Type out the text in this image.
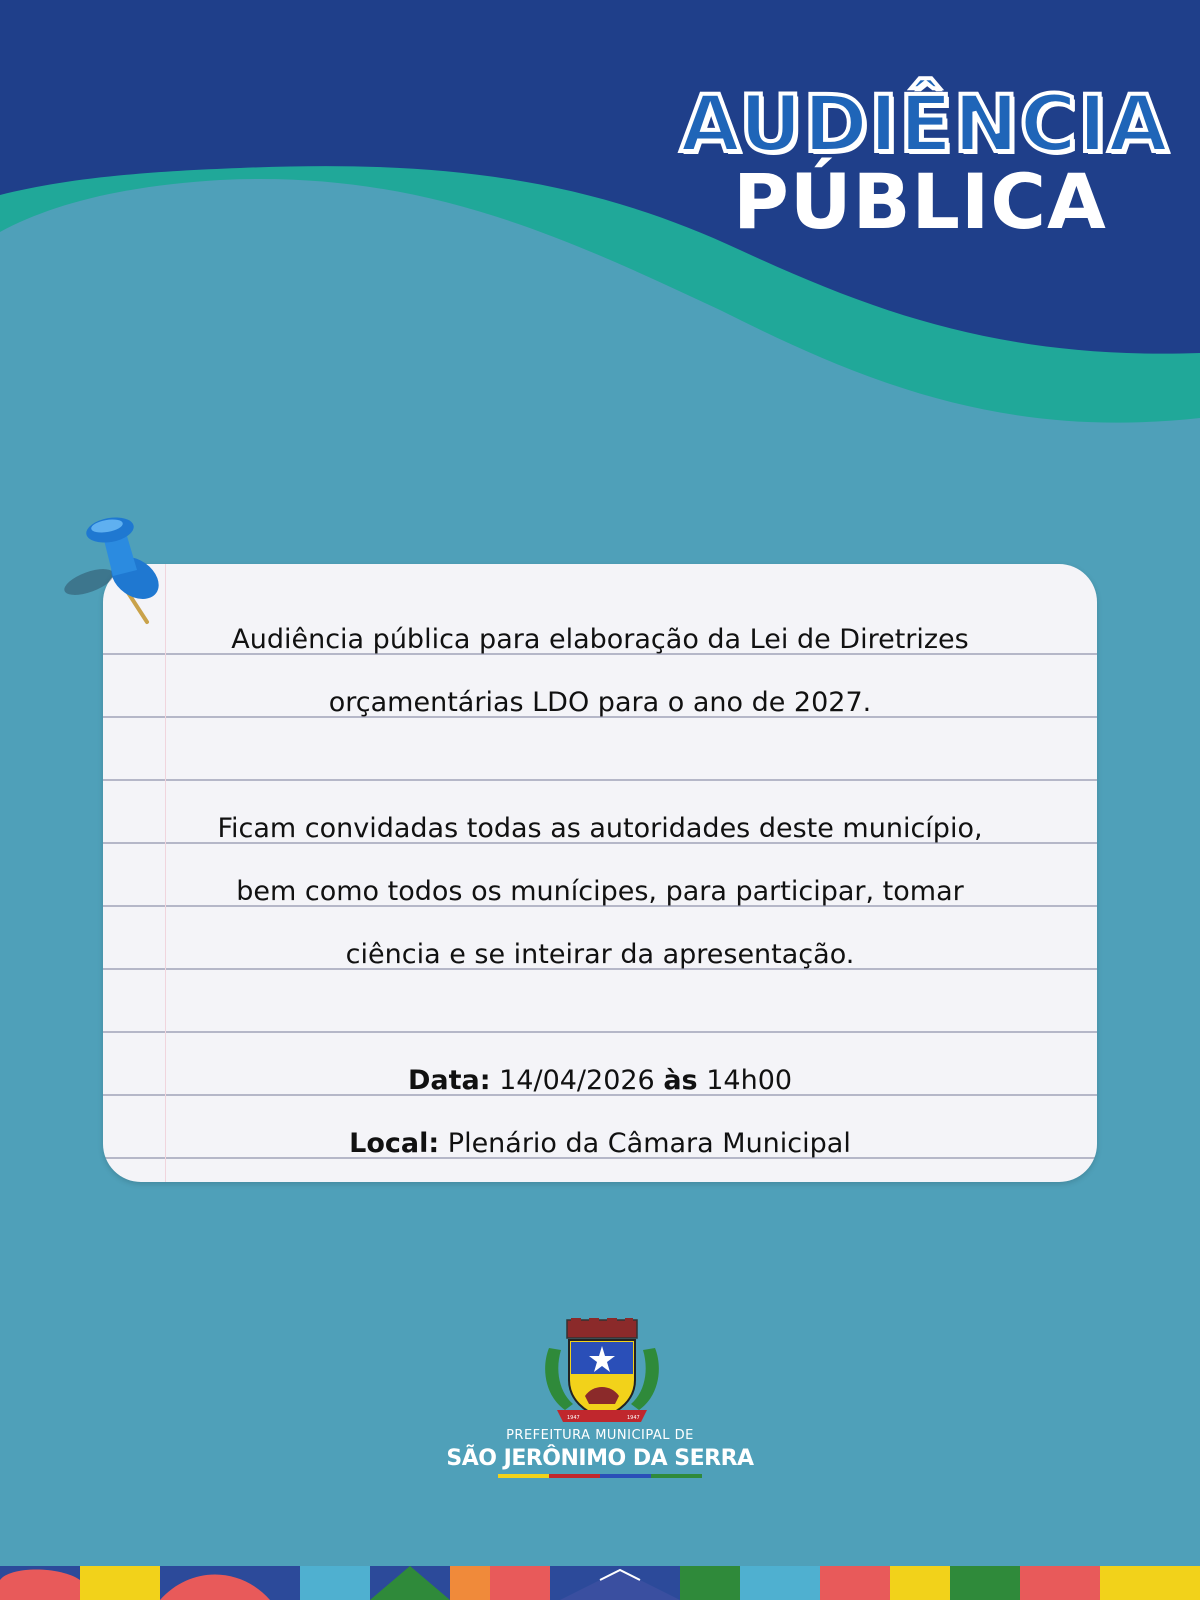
AUDIÊNCIA
PÚBLICA
Audiência pública para elaboração da Lei de Diretrizes
orçamentárias LDO para o ano de 2027.
Ficam convidadas todas as autoridades deste município,
bem como todos os munícipes, para participar, tomar
ciência e se inteirar da apresentação.
Data: 14/04/2026 às 14h00
Local: Plenário da Câmara Municipal
1947	1947
PREFEITURA MUNICIPAL DE
SÃO JERÔNIMO DA SERRA
